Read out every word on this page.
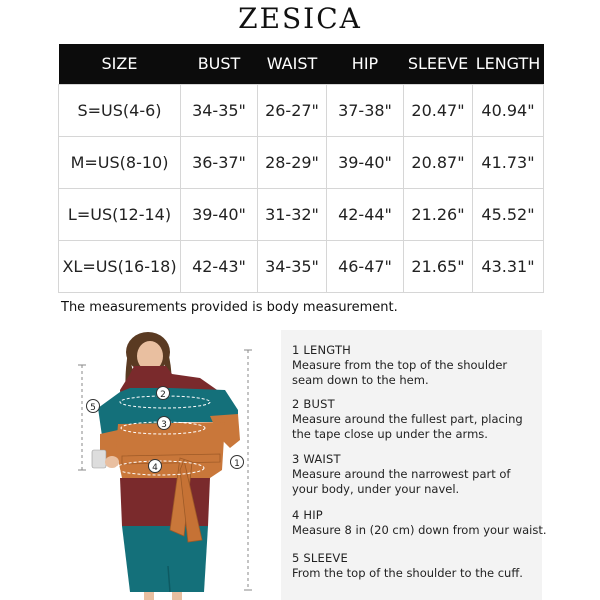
ZESICA
SIZE	BUST	WAIST	HIP	SLEEVE	LENGTH
S=US(4-6)	34-35"	26-27"	37-38"	20.47"	40.94"
M=US(8-10)	36-37"	28-29"	39-40"	20.87"	41.73"
L=US(12-14)	39-40"	31-32"	42-44"	21.26"	45.52"
XL=US(16-18)	42-43"	34-35"	46-47"	21.65"	43.31"
The measurements provided is body measurement.
5
2
3
4	1
1 LENGTH
Measure from the top of the shoulder
seam down to the hem.
2 BUST
Measure around the fullest part, placing
the tape close up under the arms.
3 WAIST
Measure around the narrowest part of
your body, under your navel.
4 HIP
Measure 8 in (20 cm) down from your waist.
5 SLEEVE
From the top of the shoulder to the cuff.
